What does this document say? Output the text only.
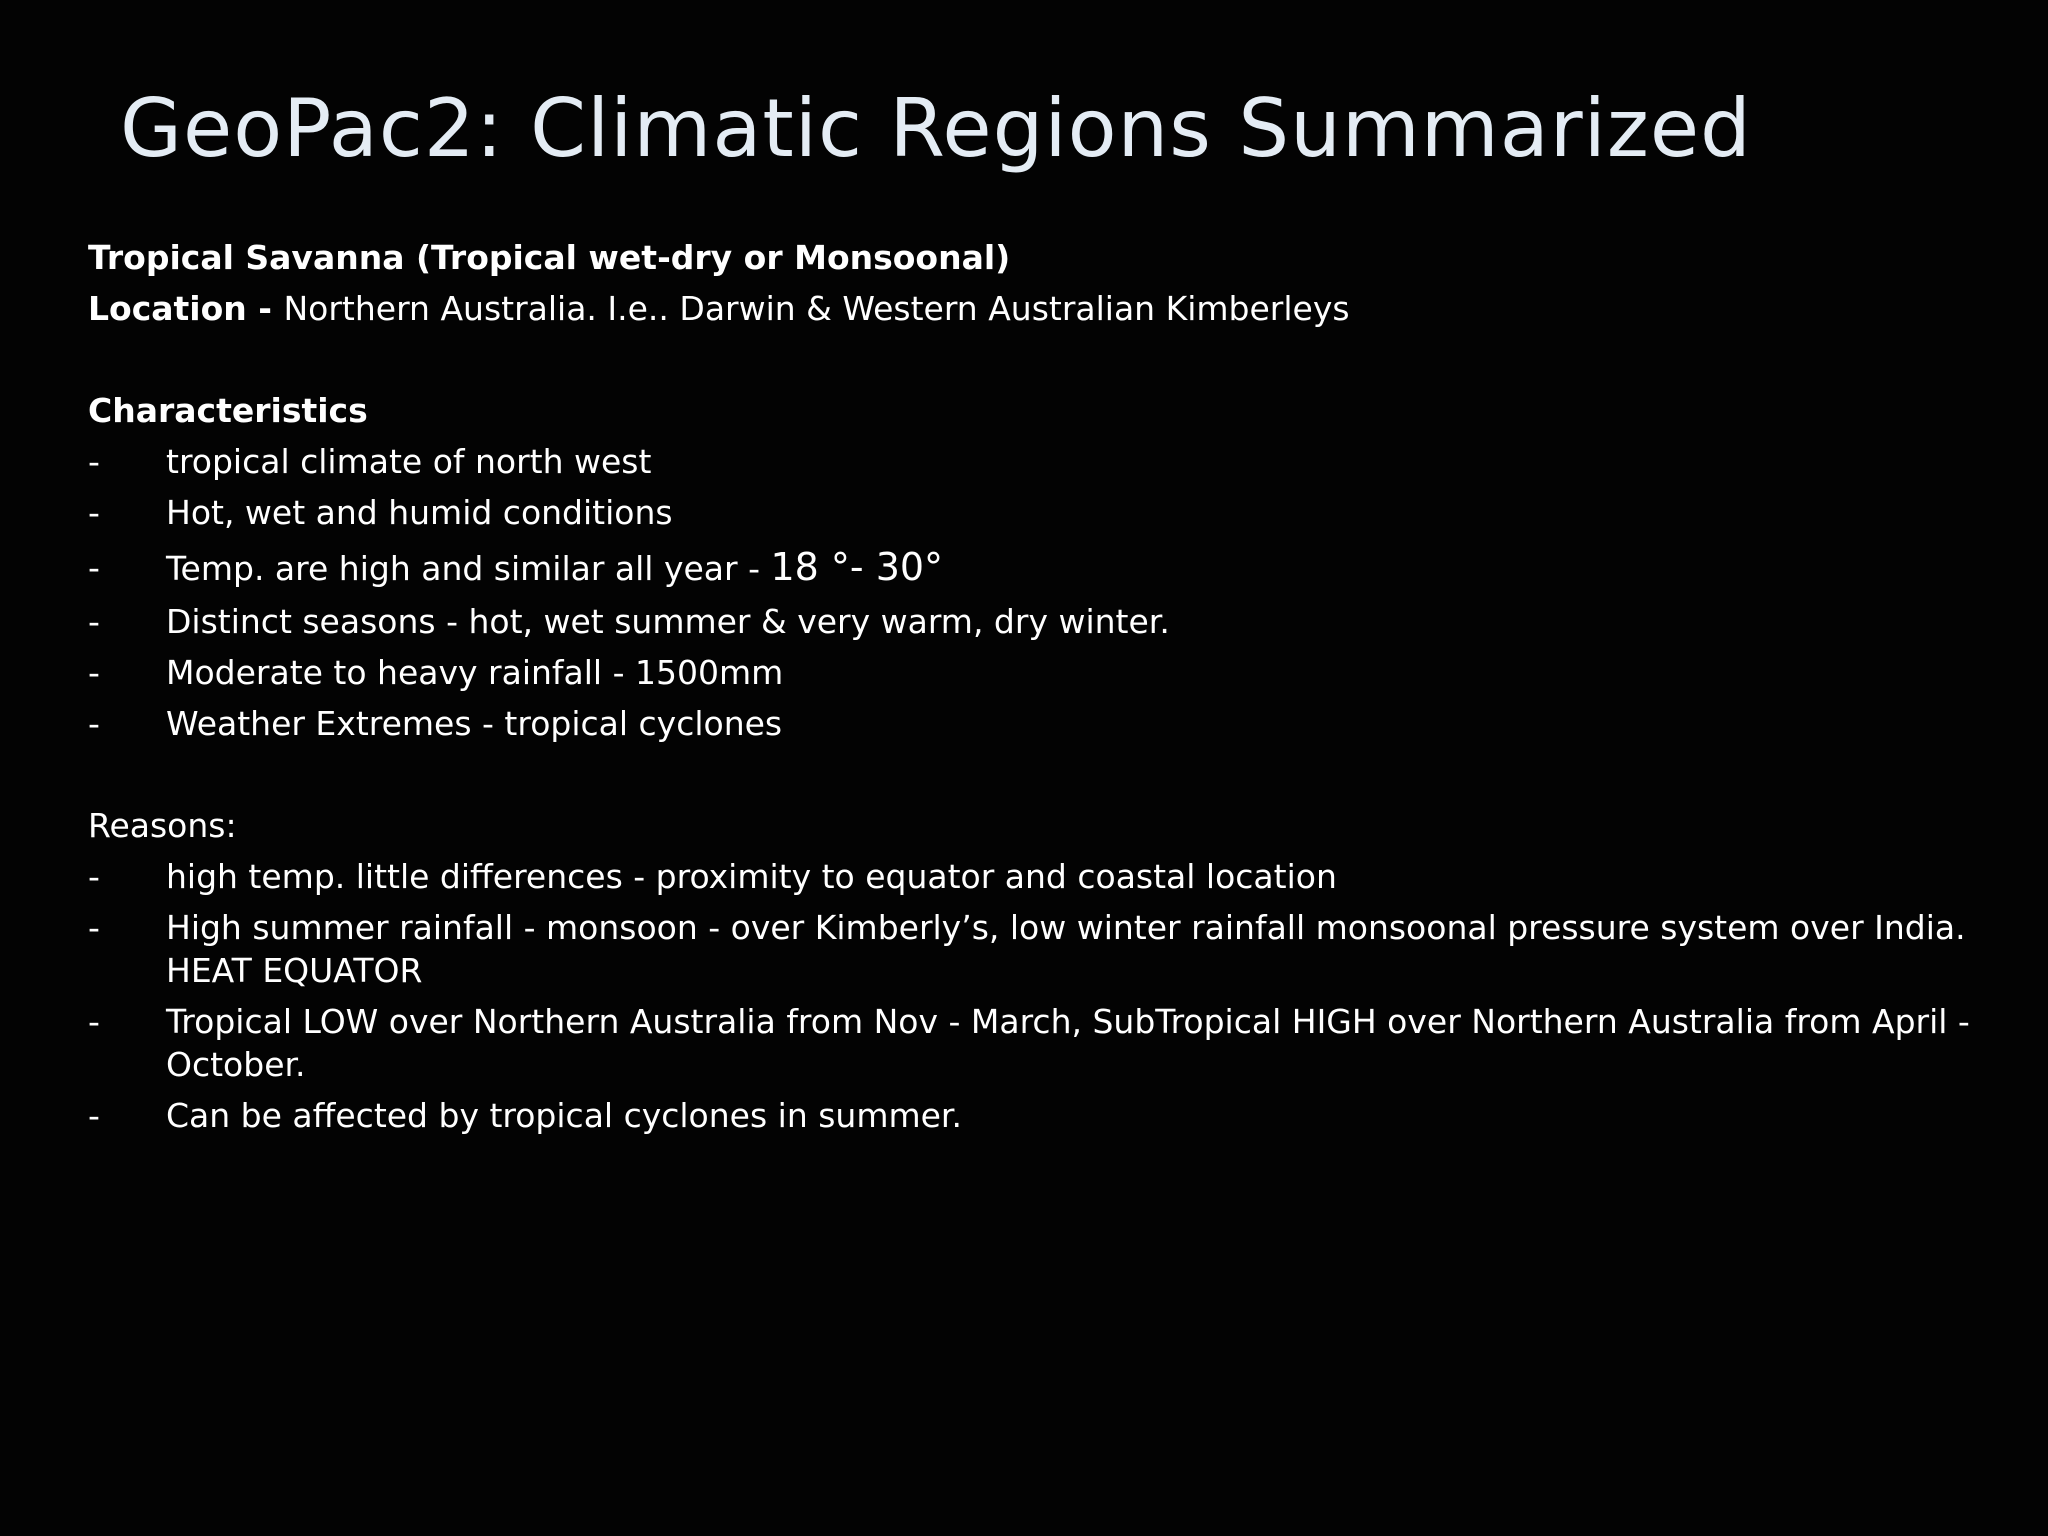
GeoPac2: Climatic Regions Summarized

Tropical Savanna (Tropical wet-dry or Monsoonal)

Location - Northern Australia. I.e.. Darwin & Western Australian Kimberleys

Characteristics

- tropical climate of north west
- Hot, wet and humid conditions
- Temp. are high and similar all year - 18 °- 30°
- Distinct seasons - hot, wet summer & very warm, dry winter.
- Moderate to heavy rainfall - 1500mm
- Weather Extremes - tropical cyclones

Reasons:

- high temp. little differences - proximity to equator and coastal location
- High summer rainfall - monsoon - over Kimberly’s, low winter rainfall monsoonal pressure system over India. HEAT EQUATOR
- Tropical LOW over Northern Australia from Nov - March, SubTropical HIGH over Northern Australia from April - October.
- Can be affected by tropical cyclones in summer.
